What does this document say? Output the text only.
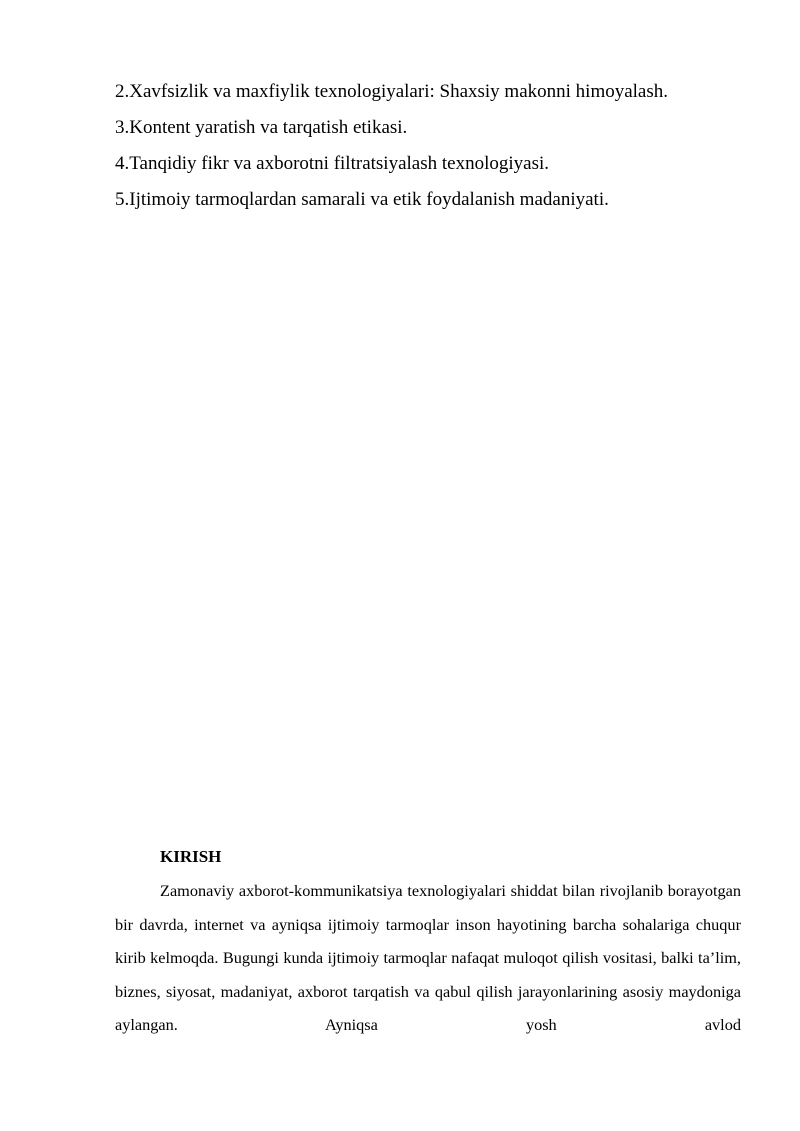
2.Xavfsizlik va maxfiylik texnologiyalari: Shaxsiy makonni himoyalash.
3.Kontent yaratish va tarqatish etikasi.
4.Tanqidiy fikr va axborotni filtratsiyalash texnologiyasi.
5.Ijtimoiy tarmoqlardan samarali va etik foydalanish madaniyati.
KIRISH

Zamonaviy axborot-kommunikatsiya texnologiyalari shiddat bilan rivojlanib borayotgan bir davrda, internet va ayniqsa ijtimoiy tarmoqlar inson hayotining barcha sohalariga chuqur kirib kelmoqda. Bugungi kunda ijtimoiy tarmoqlar nafaqat muloqot qilish vositasi, balki ta’lim, biznes, siyosat, madaniyat, axborot tarqatish va qabul qilish jarayonlarining asosiy maydoniga aylangan. Ayniqsa yosh avlod
